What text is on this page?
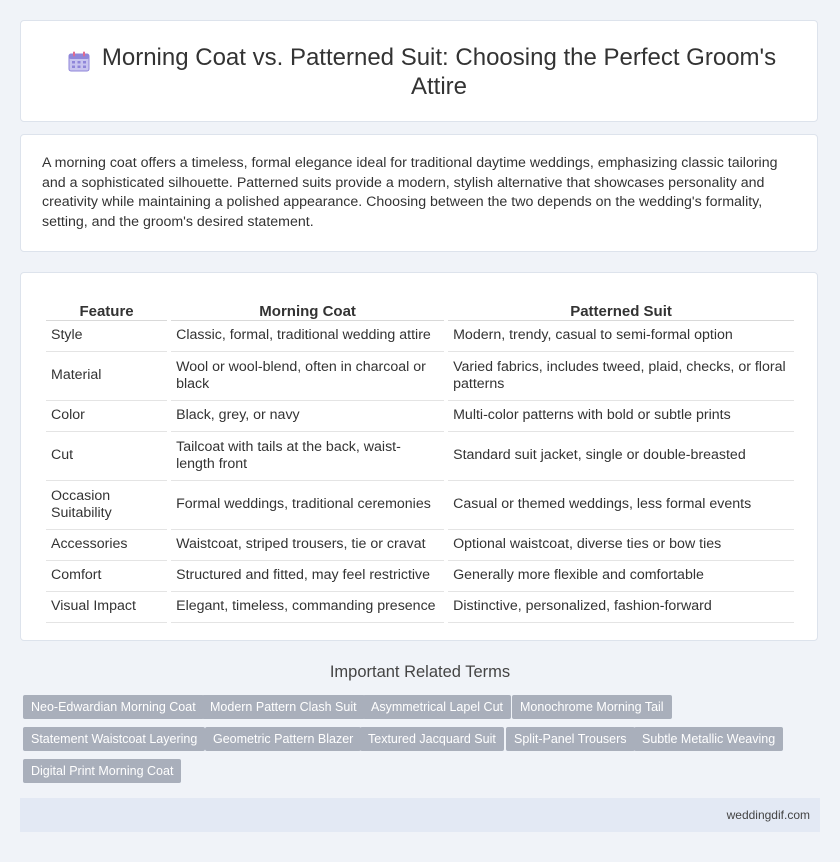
Morning Coat vs. Patterned Suit: Choosing the Perfect Groom's Attire

A morning coat offers a timeless, formal elegance ideal for traditional daytime weddings, emphasizing classic tailoring and a sophisticated silhouette. Patterned suits provide a modern, stylish alternative that showcases personality and creativity while maintaining a polished appearance. Choosing between the two depends on the wedding's formality, setting, and the groom's desired statement.

Feature	Morning Coat	Patterned Suit
Style	Classic, formal, traditional wedding attire	Modern, trendy, casual to semi-formal option
Material	Wool or wool-blend, often in charcoal or black	Varied fabrics, includes tweed, plaid, checks, or floral patterns
Color	Black, grey, or navy	Multi-color patterns with bold or subtle prints
Cut	Tailcoat with tails at the back, waist-length front	Standard suit jacket, single or double-breasted
Occasion Suitability	Formal weddings, traditional ceremonies	Casual or themed weddings, less formal events
Accessories	Waistcoat, striped trousers, tie or cravat	Optional waistcoat, diverse ties or bow ties
Comfort	Structured and fitted, may feel restrictive	Generally more flexible and comfortable
Visual Impact	Elegant, timeless, commanding presence	Distinctive, personalized, fashion-forward
Important Related Terms
Neo-Edwardian Morning Coat	Modern Pattern Clash Suit	Asymmetrical Lapel Cut	Monochrome Morning Tail
Statement Waistcoat Layering	Geometric Pattern Blazer	Textured Jacquard Suit	Split-Panel Trousers	Subtle Metallic Weaving
Digital Print Morning Coat
weddingdif.com
